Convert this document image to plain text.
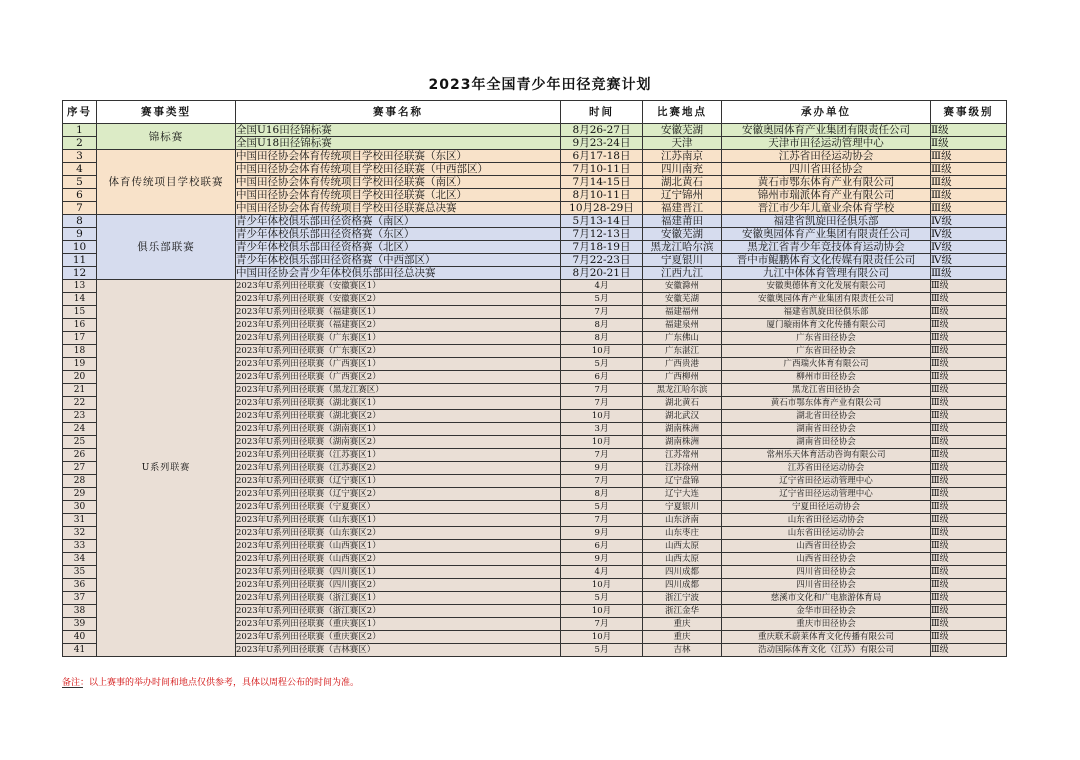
2023年全国青少年田径竞赛计划
序号	赛事类型	赛事名称	时间	比赛地点	承办单位	赛事级别
1	锦标赛	全国U16田径锦标赛	8月26-27日	安徽芜湖	安徽奥园体育产业集团有限责任公司	Ⅱ级
2		全国U18田径锦标赛	9月23-24日	天津	天津市田径运动管理中心	Ⅱ级
3	体育传统项目学校联赛	中国田径协会体育传统项目学校田径联赛（东区）	6月17-18日	江苏南京	江苏省田径运动协会	Ⅲ级
4		中国田径协会体育传统项目学校田径联赛（中西部区）	7月10-11日	四川南充	四川省田径协会	Ⅲ级
5		中国田径协会体育传统项目学校田径联赛（南区）	7月14-15日	湖北黄石	黄石市鄂东体育产业有限公司	Ⅲ级
6		中国田径协会体育传统项目学校田径联赛（北区）	8月10-11日	辽宁锦州	锦州市瑞派体育产业有限公司	Ⅲ级
7		中国田径协会体育传统项目学校田径联赛总决赛	10月28-29日	福建晋江	晋江市少年儿童业余体育学校	Ⅲ级
8	俱乐部联赛	青少年体校俱乐部田径资格赛（南区）	5月13-14日	福建莆田	福建省凯旋田径俱乐部	Ⅳ级
9		青少年体校俱乐部田径资格赛（东区）	7月12-13日	安徽芜湖	安徽奥园体育产业集团有限责任公司	Ⅳ级
10		青少年体校俱乐部田径资格赛（北区）	7月18-19日	黑龙江哈尔滨	黑龙江省青少年竞技体育运动协会	Ⅳ级
11		青少年体校俱乐部田径资格赛（中西部区）	7月22-23日	宁夏银川	晋中市鲲鹏体育文化传媒有限责任公司	Ⅳ级
12		中国田径协会青少年体校俱乐部田径总决赛	8月20-21日	江西九江	九江中体体育管理有限公司	Ⅲ级
13	U系列联赛	2023年U系列田径联赛（安徽赛区1）	4月	安徽滁州	安徽奥德体育文化发展有限公司	Ⅲ级
14		2023年U系列田径联赛（安徽赛区2）	5月	安徽芜湖	安徽奥园体育产业集团有限责任公司	Ⅲ级
15		2023年U系列田径联赛（福建赛区1）	7月	福建福州	福建省凯旋田径俱乐部	Ⅲ级
16		2023年U系列田径联赛（福建赛区2）	8月	福建泉州	厦门璇雨体育文化传播有限公司	Ⅲ级
17		2023年U系列田径联赛（广东赛区1）	8月	广东佛山	广东省田径协会	Ⅲ级
18		2023年U系列田径联赛（广东赛区2）	10月	广东湛江	广东省田径协会	Ⅲ级
19		2023年U系列田径联赛（广西赛区1）	5月	广西贵港	广西瑞火体育有限公司	Ⅲ级
20		2023年U系列田径联赛（广西赛区2）	6月	广西柳州	柳州市田径协会	Ⅲ级
21		2023年U系列田径联赛（黑龙江赛区）	7月	黑龙江哈尔滨	黑龙江省田径协会	Ⅲ级
22		2023年U系列田径联赛（湖北赛区1）	7月	湖北黄石	黄石市鄂东体育产业有限公司	Ⅲ级
23		2023年U系列田径联赛（湖北赛区2）	10月	湖北武汉	湖北省田径协会	Ⅲ级
24		2023年U系列田径联赛（湖南赛区1）	3月	湖南株洲	湖南省田径协会	Ⅲ级
25		2023年U系列田径联赛（湖南赛区2）	10月	湖南株洲	湖南省田径协会	Ⅲ级
26		2023年U系列田径联赛（江苏赛区1）	7月	江苏常州	常州乐天体育活动咨询有限公司	Ⅲ级
27		2023年U系列田径联赛（江苏赛区2）	9月	江苏徐州	江苏省田径运动协会	Ⅲ级
28		2023年U系列田径联赛（辽宁赛区1）	7月	辽宁盘锦	辽宁省田径运动管理中心	Ⅲ级
29		2023年U系列田径联赛（辽宁赛区2）	8月	辽宁大连	辽宁省田径运动管理中心	Ⅲ级
30		2023年U系列田径联赛（宁夏赛区）	5月	宁夏银川	宁夏田径运动协会	Ⅲ级
31		2023年U系列田径联赛（山东赛区1）	7月	山东济南	山东省田径运动协会	Ⅲ级
32		2023年U系列田径联赛（山东赛区2）	9月	山东枣庄	山东省田径运动协会	Ⅲ级
33		2023年U系列田径联赛（山西赛区1）	6月	山西太原	山西省田径协会	Ⅲ级
34		2023年U系列田径联赛（山西赛区2）	9月	山西太原	山西省田径协会	Ⅲ级
35		2023年U系列田径联赛（四川赛区1）	4月	四川成都	四川省田径协会	Ⅲ级
36		2023年U系列田径联赛（四川赛区2）	10月	四川成都	四川省田径协会	Ⅲ级
37		2023年U系列田径联赛（浙江赛区1）	5月	浙江宁波	慈溪市文化和广电旅游体育局	Ⅲ级
38		2023年U系列田径联赛（浙江赛区2）	10月	浙江金华	金华市田径协会	Ⅲ级
39		2023年U系列田径联赛（重庆赛区1）	7月	重庆	重庆市田径协会	Ⅲ级
40		2023年U系列田径联赛（重庆赛区2）	10月	重庆	重庆联禾蔚莱体育文化传播有限公司	Ⅲ级
41		2023年U系列田径联赛（吉林赛区）	5月	吉林	浩动国际体育文化（江苏）有限公司	Ⅲ级
备注：以上赛事的举办时间和地点仅供参考，具体以周程公布的时间为准。
